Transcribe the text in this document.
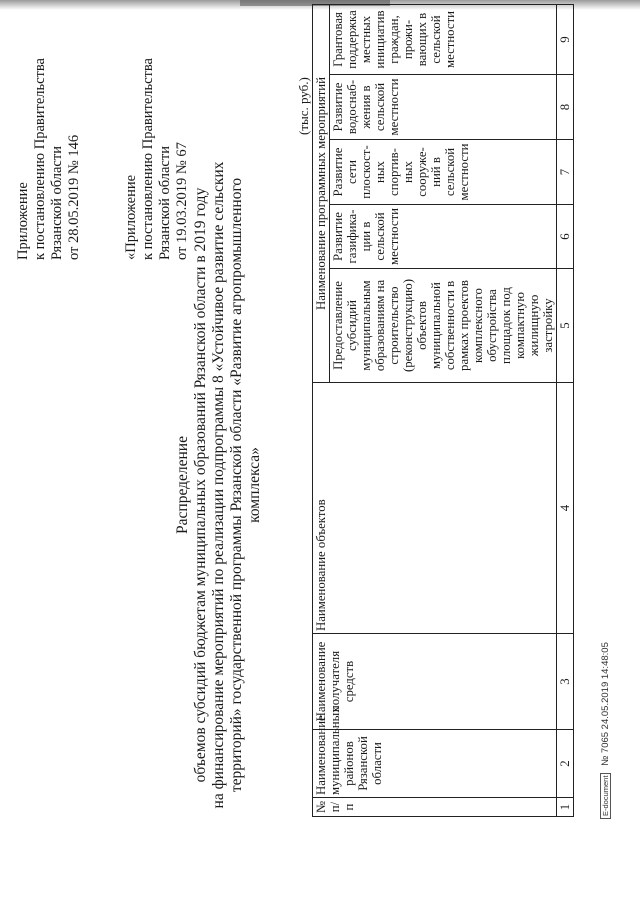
Приложение к постановлению Правительства Рязанской области от 28.05.2019 № 146	«Приложение к постановлению Правительства Рязанской области от 19.03.2019 № 67
Распределение объемов субсидий бюджетам муниципальных образований Рязанской области в 2019 году на финансирование мероприятий по реализации подпрограммы 8 «Устойчивое развитие сельских территорий» государственной программы Рязанской области «Развитие агропромышленного комплекса»
(тыс. руб.)
№ п/п	Наименование муниципальных районов Рязанской области	Наименование получателя средств	Наименование объектов	Наименование программных мероприятий				
				Предоставление субсидий муниципальным образованиям на строительство (реконструкцию) объектов муниципальной собственности в рамках проектов комплексного обустройства площадок под компактную жилищную застройку	Развитие газифика-ции в сельской местности	Развитие сети плоскост-ных спортив-ных сооруже-ний в сельской местности	Развитие водоснаб-жения в сельской местности	Грантовая поддержка местных инициатив граждан, прожи-вающих в сельской местности
1	2	3	4	5	6	7	8	9
E-document № 7065 24.05.2019 14:48:05
